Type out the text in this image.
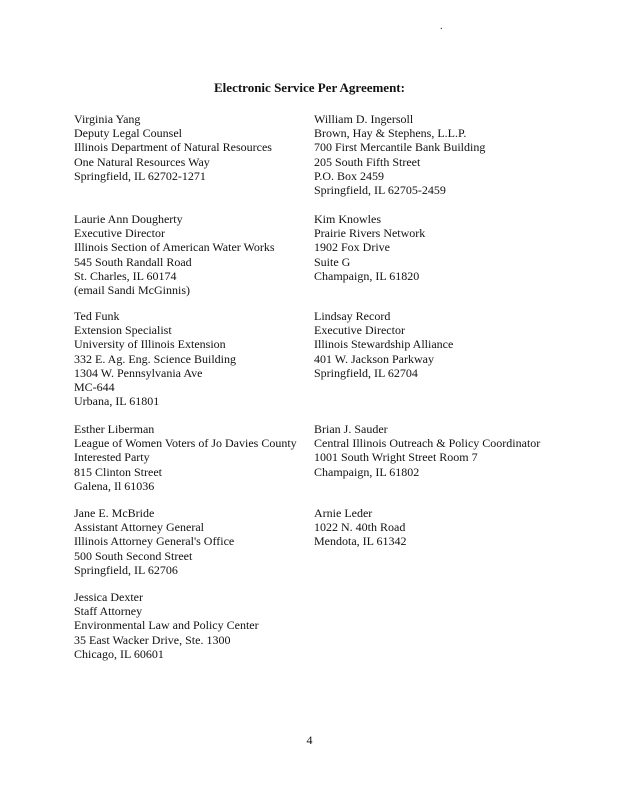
.
Electronic Service Per Agreement:
Virginia Yang
Deputy Legal Counsel
Illinois Department of Natural Resources
One Natural Resources Way
Springfield, IL 62702-1271
William D. Ingersoll
Brown, Hay & Stephens, L.L.P.
700 First Mercantile Bank Building
205 South Fifth Street
P.O. Box 2459
Springfield, IL 62705-2459
Laurie Ann Dougherty
Executive Director
Illinois Section of American Water Works
545 South Randall Road
St. Charles, IL 60174
(email Sandi McGinnis)
Kim Knowles
Prairie Rivers Network
1902 Fox Drive
Suite G
Champaign, IL 61820
Ted Funk
Extension Specialist
University of Illinois Extension
332 E. Ag. Eng. Science Building
1304 W. Pennsylvania Ave
MC-644
Urbana, IL 61801
Lindsay Record
Executive Director
Illinois Stewardship Alliance
401 W. Jackson Parkway
Springfield, IL 62704
Esther Liberman
League of Women Voters of Jo Davies County
Interested Party
815 Clinton Street
Galena, Il 61036
Brian J. Sauder
Central Illinois Outreach & Policy Coordinator
1001 South Wright Street Room 7
Champaign, IL 61802
Jane E. McBride
Assistant Attorney General
Illinois Attorney General's Office
500 South Second Street
Springfield, IL 62706
Arnie Leder
1022 N. 40th Road
Mendota, IL 61342
Jessica Dexter
Staff Attorney
Environmental Law and Policy Center
35 East Wacker Drive, Ste. 1300
Chicago, IL 60601
4
